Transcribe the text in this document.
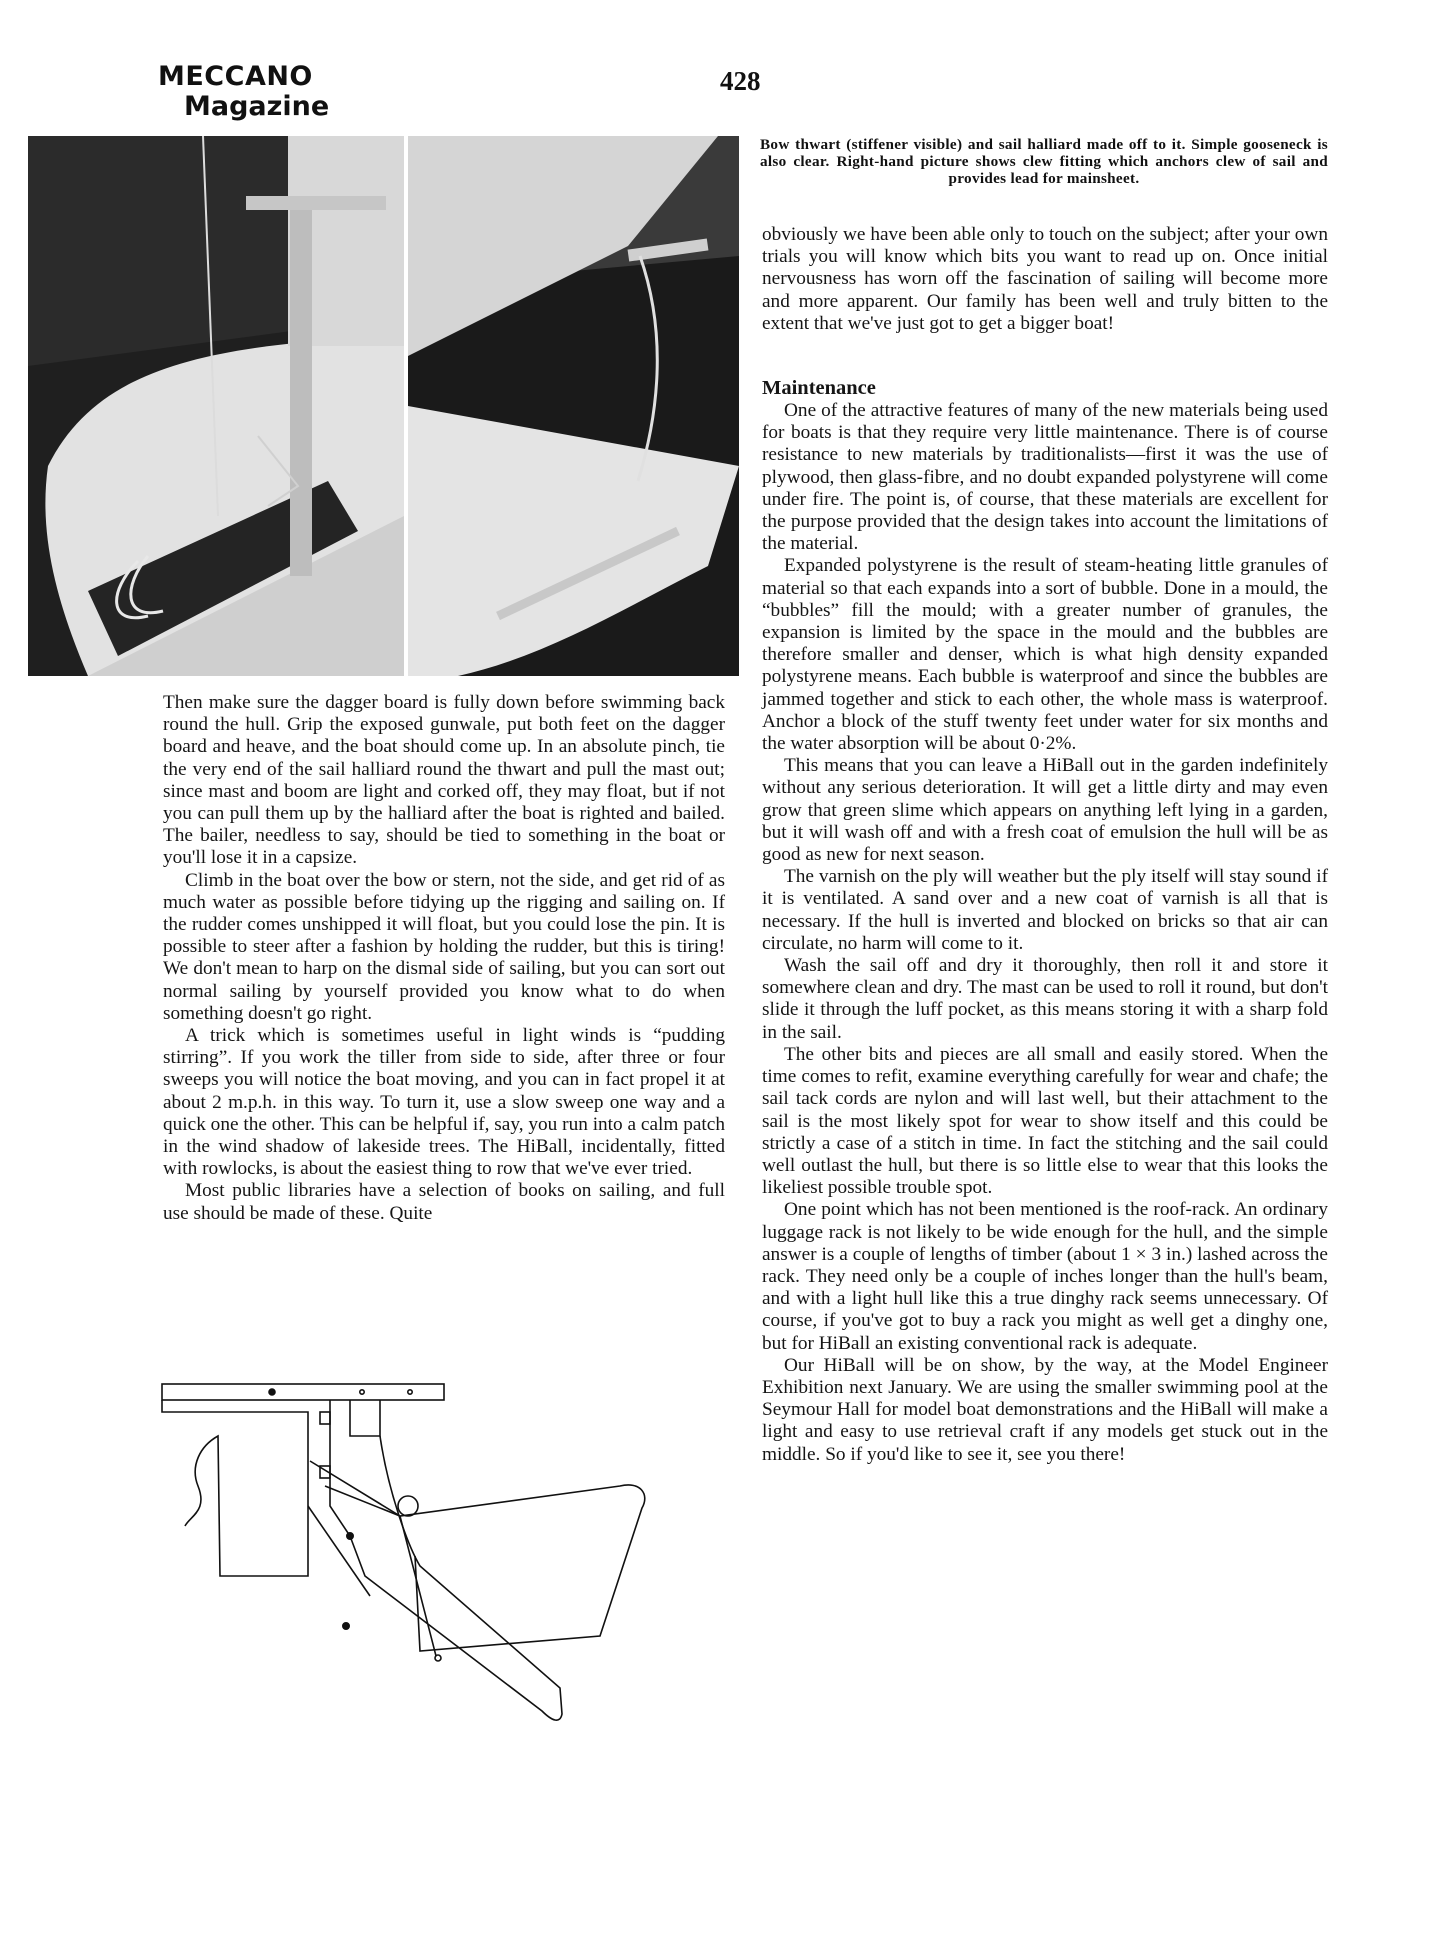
MECCANO
Magazine
428
Bow thwart (stiffener visible) and sail halliard made off to it. Simple gooseneck is also clear. Right-hand picture shows clew fitting which anchors clew of sail and provides lead for mainsheet.

Then make sure the dagger board is fully down before swimming back round the hull. Grip the exposed gunwale, put both feet on the dagger board and heave, and the boat should come up. In an absolute pinch, tie the very end of the sail halliard round the thwart and pull the mast out; since mast and boom are light and corked off, they may float, but if not you can pull them up by the halliard after the boat is righted and bailed. The bailer, needless to say, should be tied to something in the boat or you'll lose it in a capsize.

Climb in the boat over the bow or stern, not the side, and get rid of as much water as possible before tidying up the rigging and sailing on. If the rudder comes unshipped it will float, but you could lose the pin. It is possible to steer after a fashion by holding the rudder, but this is tiring! We don't mean to harp on the dismal side of sailing, but you can sort out normal sailing by yourself provided you know what to do when something doesn't go right.

A trick which is sometimes useful in light winds is “pudding stirring”. If you work the tiller from side to side, after three or four sweeps you will notice the boat moving, and you can in fact propel it at about 2 m.p.h. in this way. To turn it, use a slow sweep one way and a quick one the other. This can be helpful if, say, you run into a calm patch in the wind shadow of lakeside trees. The HiBall, incidentally, fitted with rowlocks, is about the easiest thing to row that we've ever tried.

Most public libraries have a selection of books on sailing, and full use should be made of these. Quite

obviously we have been able only to touch on the subject; after your own trials you will know which bits you want to read up on. Once initial nervousness has worn off the fascination of sailing will become more and more apparent. Our family has been well and truly bitten to the extent that we've just got to get a bigger boat!

Maintenance

One of the attractive features of many of the new materials being used for boats is that they require very little maintenance. There is of course resistance to new materials by traditionalists—first it was the use of plywood, then glass-fibre, and no doubt expanded polystyrene will come under fire. The point is, of course, that these materials are excellent for the purpose provided that the design takes into account the limitations of the material.

Expanded polystyrene is the result of steam-heating little granules of material so that each expands into a sort of bubble. Done in a mould, the “bubbles” fill the mould; with a greater number of granules, the expansion is limited by the space in the mould and the bubbles are therefore smaller and denser, which is what high density expanded polystyrene means. Each bubble is waterproof and since the bubbles are jammed together and stick to each other, the whole mass is waterproof. Anchor a block of the stuff twenty feet under water for six months and the water absorption will be about 0·2%.

This means that you can leave a HiBall out in the garden indefinitely without any serious deterioration. It will get a little dirty and may even grow that green slime which appears on anything left lying in a garden, but it will wash off and with a fresh coat of emulsion the hull will be as good as new for next season.

The varnish on the ply will weather but the ply itself will stay sound if it is ventilated. A sand over and a new coat of varnish is all that is necessary. If the hull is inverted and blocked on bricks so that air can circulate, no harm will come to it.

Wash the sail off and dry it thoroughly, then roll it and store it somewhere clean and dry. The mast can be used to roll it round, but don't slide it through the luff pocket, as this means storing it with a sharp fold in the sail.

The other bits and pieces are all small and easily stored. When the time comes to refit, examine everything carefully for wear and chafe; the sail tack cords are nylon and will last well, but their attachment to the sail is the most likely spot for wear to show itself and this could be strictly a case of a stitch in time. In fact the stitching and the sail could well outlast the hull, but there is so little else to wear that this looks the likeliest possible trouble spot.

One point which has not been mentioned is the roof-rack. An ordinary luggage rack is not likely to be wide enough for the hull, and the simple answer is a couple of lengths of timber (about 1 × 3 in.) lashed across the rack. They need only be a couple of inches longer than the hull's beam, and with a light hull like this a true dinghy rack seems unnecessary. Of course, if you've got to buy a rack you might as well get a dinghy one, but for HiBall an existing conventional rack is adequate.

Our HiBall will be on show, by the way, at the Model Engineer Exhibition next January. We are using the smaller swimming pool at the Seymour Hall for model boat demonstrations and the HiBall will make a light and easy to use retrieval craft if any models get stuck out in the middle. So if you'd like to see it, see you there!
